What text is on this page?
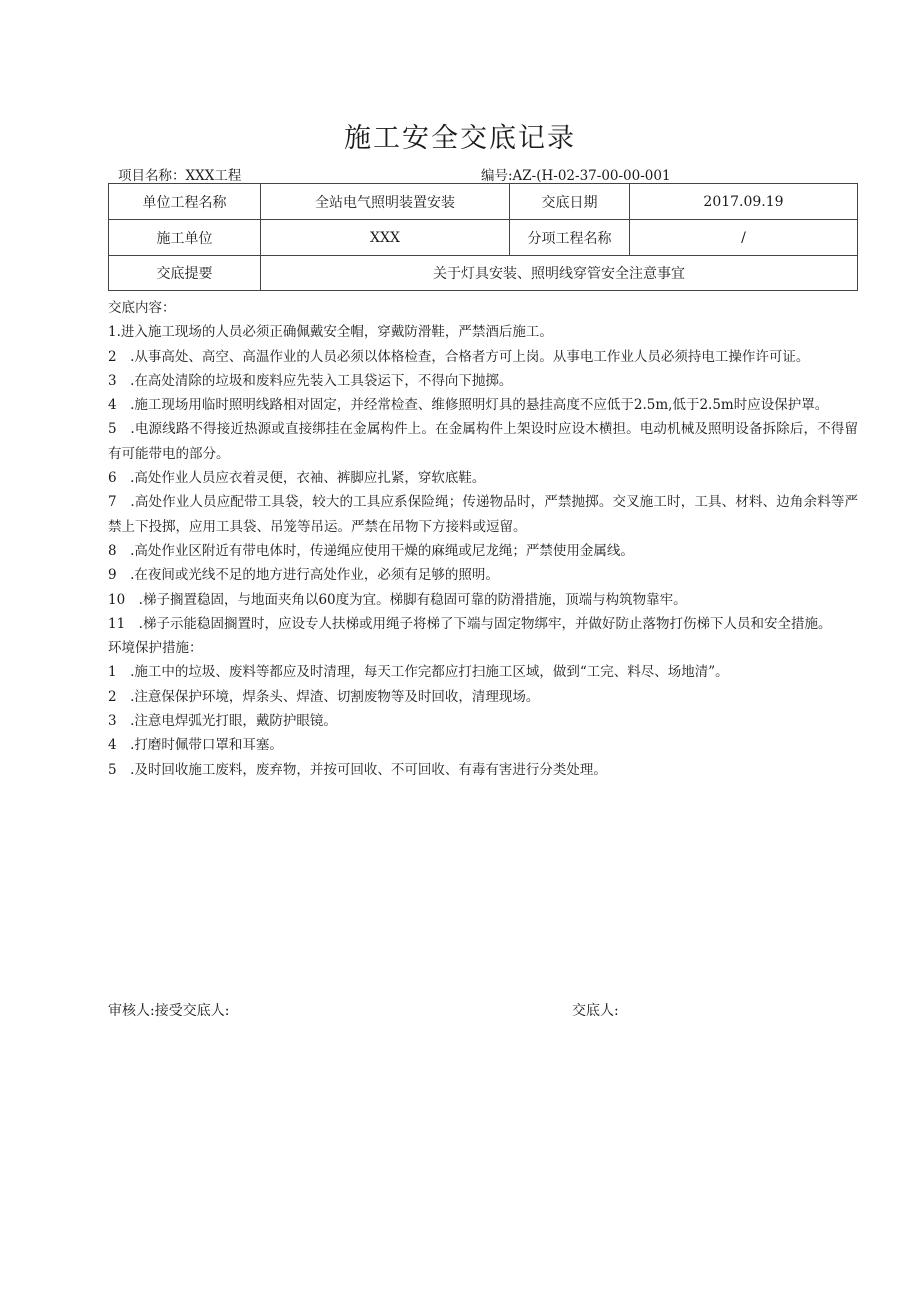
施工安全交底记录
项目名称：XXX工程	编号:AZ-(H-02-37-00-00-001
单位工程名称	全站电气照明装置安装	交底日期	2017.09.19
施工单位	XXX	分项工程名称	/
交底提要	关于灯具安装、照明线穿管安全注意事宜		

交底内容：

1.进入施工现场的人员必须正确佩戴安全帽，穿戴防滑鞋，严禁酒后施工。

2　.从事高处、高空、高温作业的人员必须以体格检查，合格者方可上岗。从事电工作业人员必须持电工操作许可证。

3　.在高处清除的垃圾和废料应先装入工具袋运下，不得向下抛掷。

4　.施工现场用临时照明线路相对固定，并经常检查、维修照明灯具的悬挂高度不应低于2.5m,低于2.5m时应设保护罩。

5　.电源线路不得接近热源或直接绑挂在金属构件上。在金属构件上架设时应设木横担。电动机械及照明设备拆除后，不得留有可能带电的部分。

6　.高处作业人员应衣着灵便，衣袖、裤脚应扎紧，穿软底鞋。

7　.高处作业人员应配带工具袋，较大的工具应系保险绳；传递物品时，严禁抛掷。交叉施工时，工具、材料、边角余料等严禁上下投掷，应用工具袋、吊笼等吊运。严禁在吊物下方接料或逗留。

8　.高处作业区附近有带电体时，传递绳应使用干燥的麻绳或尼龙绳；严禁使用金属线。

9　.在夜间或光线不足的地方进行高处作业，必须有足够的照明。

10　.梯子搁置稳固，与地面夹角以60度为宜。梯脚有稳固可靠的防滑措施，顶端与构筑物靠牢。

11　.梯子示能稳固搁置时，应设专人扶梯或用绳子将梯了下端与固定物绑牢，并做好防止落物打伤梯下人员和安全措施。

环境保护措施：

1　.施工中的垃圾、废料等都应及时清理，每天工作完都应打扫施工区域，做到“工完、料尽、场地清”。

2　.注意保保护环境，焊条头、焊渣、切割废物等及时回收，清理现场。

3　.注意电焊弧光打眼，戴防护眼镜。

4　.打磨时佩带口罩和耳塞。

5　.及时回收施工废料，废弃物，并按可回收、不可回收、有毒有害进行分类处理。

审核人:接受交底人:	交底人:
